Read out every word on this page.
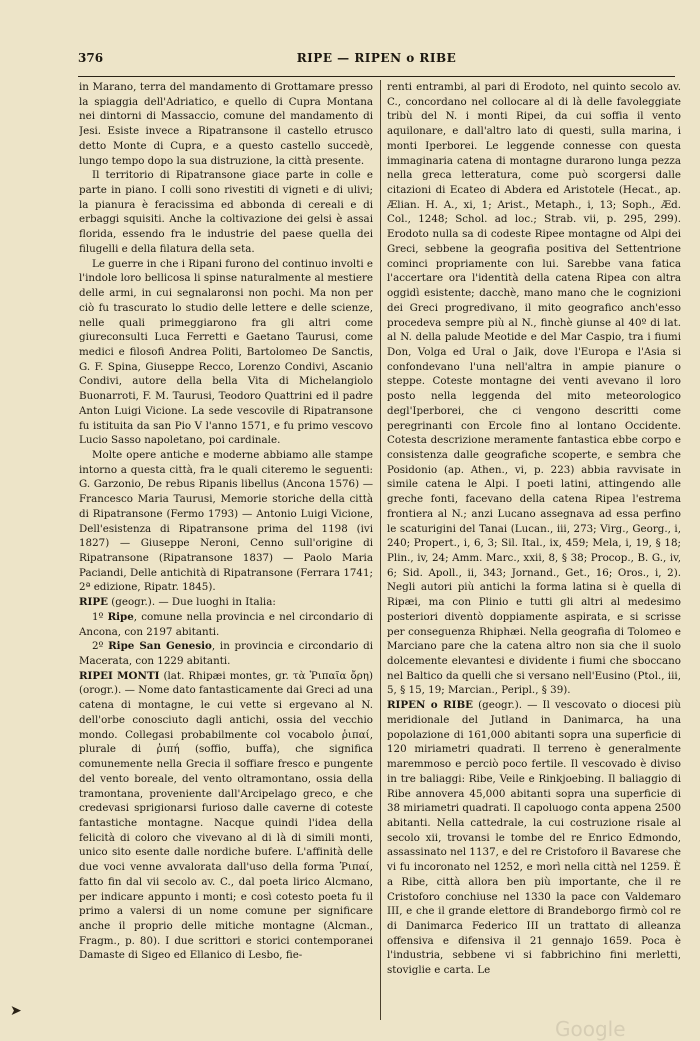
376	RIPE — RIPEN o RIBE

in Marano, terra del mandamento di Grottamare presso la spiaggia dell'Adriatico, e quello di Cupra Montana nei dintorni di Massaccio, comune del mandamento di Jesi. Esiste invece a Ripatransone il castello etrusco detto Monte di Cupra, e a questo castello succedè, lungo tempo dopo la sua distruzione, la città presente.

Il territorio di Ripatransone giace parte in colle e parte in piano. I colli sono rivestiti di vigneti e di ulivi; la pianura è feracissima ed abbonda di cereali e di erbaggi squisiti. Anche la coltivazione dei gelsi è assai florida, essendo fra le industrie del paese quella dei filugelli e della filatura della seta.

Le guerre in che i Ripani furono del continuo involti e l'indole loro bellicosa li spinse naturalmente al mestiere delle armi, in cui segnalaronsi non pochi. Ma non per ciò fu trascurato lo studio delle lettere e delle scienze, nelle quali primeggiarono fra gli altri come giureconsulti Luca Ferretti e Gaetano Taurusi, come medici e filosofi Andrea Politi, Bartolomeo De Sanctis, G. F. Spina, Giuseppe Recco, Lorenzo Condivi, Ascanio Condivi, autore della bella Vita di Michelangiolo Buonarroti, F. M. Taurusi, Teodoro Quattrini ed il padre Anton Luigi Vicione. La sede vescovile di Ripatransone fu istituita da san Pio V l'anno 1571, e fu primo vescovo Lucio Sasso napoletano, poi cardinale.

Molte opere antiche e moderne abbiamo alle stampe intorno a questa città, fra le quali citeremo le seguenti: G. Garzonio, De rebus Ripanis libellus (Ancona 1576) — Francesco Maria Taurusi, Memorie storiche della città di Ripatransone (Fermo 1793) — Antonio Luigi Vicione, Dell'esistenza di Ripatransone prima del 1198 (ivi 1827) — Giuseppe Neroni, Cenno sull'origine di Ripatransone (Ripatransone 1837) — Paolo Maria Paciandi, Delle antichità di Ripatransone (Ferrara 1741; 2ª edizione, Ripatr. 1845).

RIPE (geogr.). — Due luoghi in Italia:

1º Ripe, comune nella provincia e nel circondario di Ancona, con 2197 abitanti.

2º Ripe San Genesio, in provincia e circondario di Macerata, con 1229 abitanti.

RIPEI MONTI (lat. Rhipæi montes, gr. τὰ Ῥιπαῖα ὄρη) (orogr.). — Nome dato fantasticamente dai Greci ad una catena di montagne, le cui vette si ergevano al N. dell'orbe conosciuto dagli antichi, ossia del vecchio mondo. Collegasi probabilmente col vocabolo ῥιπαί, plurale di ῥιπή (soffio, buffa), che significa comunemente nella Grecia il soffiare fresco e pungente del vento boreale, del vento oltramontano, ossia della tramontana, proveniente dall'Arcipelago greco, e che credevasi sprigionarsi furioso dalle caverne di coteste fantastiche montagne. Nacque quindi l'idea della felicità di coloro che vivevano al di là di simili monti, unico sito esente dalle nordiche bufere. L'affinità delle due voci venne avvalorata dall'uso della forma Ῥιπαί, fatto fin dal vii secolo av. C., dal poeta lirico Alcmano, per indicare appunto i monti; e così cotesto poeta fu il primo a valersi di un nome comune per significare anche il proprio delle mitiche montagne (Alcman., Fragm., p. 80). I due scrittori e storici contemporanei Damaste di Sigeo ed Ellanico di Lesbo, fie-

renti entrambi, al pari di Erodoto, nel quinto secolo av. C., concordano nel collocare al di là delle favoleggiate tribù del N. i monti Ripei, da cui soffia il vento aquilonare, e dall'altro lato di questi, sulla marina, i monti Iperborei. Le leggende connesse con questa immaginaria catena di montagne durarono lunga pezza nella greca letteratura, come può scorgersi dalle citazioni di Ecateo di Abdera ed Aristotele (Hecat., ap. Ælian. H. A., xi, 1; Arist., Metaph., i, 13; Soph., Æd. Col., 1248; Schol. ad loc.; Strab. vii, p. 295, 299). Erodoto nulla sa di codeste Ripee montagne od Alpi dei Greci, sebbene la geografia positiva del Settentrione cominci propriamente con lui. Sarebbe vana fatica l'accertare ora l'identità della catena Ripea con altra oggidì esistente; dacchè, mano mano che le cognizioni dei Greci progredivano, il mito geografico anch'esso procedeva sempre più al N., finchè giunse al 40º di lat. al N. della palude Meotide e del Mar Caspio, tra i fiumi Don, Volga ed Ural o Jaik, dove l'Europa e l'Asia si confondevano l'una nell'altra in ampie pianure o steppe. Coteste montagne dei venti avevano il loro posto nella leggenda del mito meteorologico degl'Iperborei, che ci vengono descritti come peregrinanti con Ercole fino al lontano Occidente. Cotesta descrizione meramente fantastica ebbe corpo e consistenza dalle geografiche scoperte, e sembra che Posidonio (ap. Athen., vi, p. 223) abbia ravvisate in simile catena le Alpi. I poeti latini, attingendo alle greche fonti, facevano della catena Ripea l'estrema frontiera al N.; anzi Lucano assegnava ad essa perfino le scaturigini del Tanai (Lucan., iii, 273; Virg., Georg., i, 240; Propert., i, 6, 3; Sil. Ital., ix, 459; Mela, i, 19, § 18; Plin., iv, 24; Amm. Marc., xxii, 8, § 38; Procop., B. G., iv, 6; Sid. Apoll., ii, 343; Jornand., Get., 16; Oros., i, 2). Negli autori più antichi la forma latina si è quella di Ripæi, ma con Plinio e tutti gli altri al medesimo posteriori diventò doppiamente aspirata, e si scrisse per conseguenza Rhiphæi. Nella geografia di Tolomeo e Marciano pare che la catena altro non sia che il suolo dolcemente elevantesi e dividente i fiumi che sboccano nel Baltico da quelli che si versano nell'Eusino (Ptol., iii, 5, § 15, 19; Marcian., Peripl., § 39).

RIPEN o RIBE (geogr.). — Il vescovato o diocesi più meridionale del Jutland in Danimarca, ha una popolazione di 161,000 abitanti sopra una superficie di 120 miriametri quadrati. Il terreno è generalmente maremmoso e perciò poco fertile. Il vescovado è diviso in tre baliaggi: Ribe, Veile e Rinkjoebing. Il baliaggio di Ribe annovera 45,000 abitanti sopra una superficie di 38 miriametri quadrati. Il capoluogo conta appena 2500 abitanti. Nella cattedrale, la cui costruzione risale al secolo xii, trovansi le tombe del re Enrico Edmondo, assassinato nel 1137, e del re Cristoforo il Bavarese che vi fu incoronato nel 1252, e morì nella città nel 1259. È a Ribe, città allora ben più importante, che il re Cristoforo conchiuse nel 1330 la pace con Valdemaro III, e che il grande elettore di Brandeborgo firmò col re di Danimarca Federico III un trattato di alleanza offensiva e difensiva il 21 gennajo 1659. Poca è l'industria, sebbene vi si fabbrichino fini merletti, stoviglie e carta. Le

➤
Google
